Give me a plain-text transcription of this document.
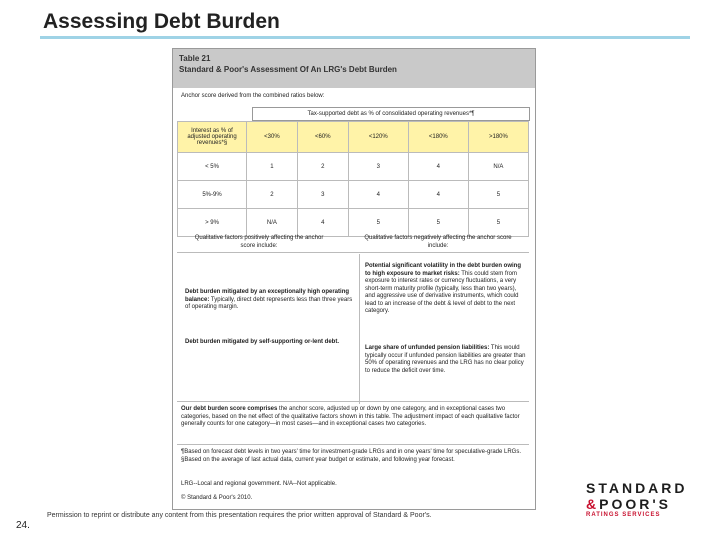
Assessing Debt Burden
Table 21
Standard & Poor's Assessment Of An LRG's Debt Burden
Anchor score derived from the combined ratios below:
Tax-supported debt as % of consolidated operating revenues*¶
Interest as % of adjusted operating revenues*§	<30%	<60%	<120%	<180%	>180%
< 5%	1	2	3	4	N/A
5%-9%	2	3	4	4	5
> 9%	N/A	4	5	5	5
Qualitative factors positively affecting the anchor score include:
Qualitative factors negatively affecting the anchor score include:
Debt burden mitigated by an exceptionally high operating balance: Typically, direct debt represents less than three years of operating margin.
Debt burden mitigated by self-supporting or-lent debt.
Potential significant volatility in the debt burden owing to high exposure to market risks: This could stem from exposure to interest rates or currency fluctuations, a very short-term maturity profile (typically, less than two years), and aggressive use of derivative instruments, which could lead to an increase of the debt & level of debt to the next category.
Large share of unfunded pension liabilities: This would typically occur if unfunded pension liabilities are greater than 50% of operating revenues and the LRG has no clear policy to reduce the deficit over time.
Our debt burden score comprises the anchor score, adjusted up or down by one category, and in exceptional cases two categories, based on the net effect of the qualitative factors shown in this table. The adjustment impact of each qualitative factor generally counts for one category—in most cases—and in exceptional cases two categories.
¶Based on forecast debt levels in two years' time for investment-grade LRGs and in one years' time for speculative-grade LRGs. §Based on the average of last actual data, current year budget or estimate, and following year forecast.
LRG--Local and regional government. N/A--Not applicable.
© Standard & Poor's 2010.
24.
Permission to reprint or distribute any content from this presentation requires the prior written approval of Standard & Poor's.
STANDARD
&POOR'S
RATINGS SERVICES
